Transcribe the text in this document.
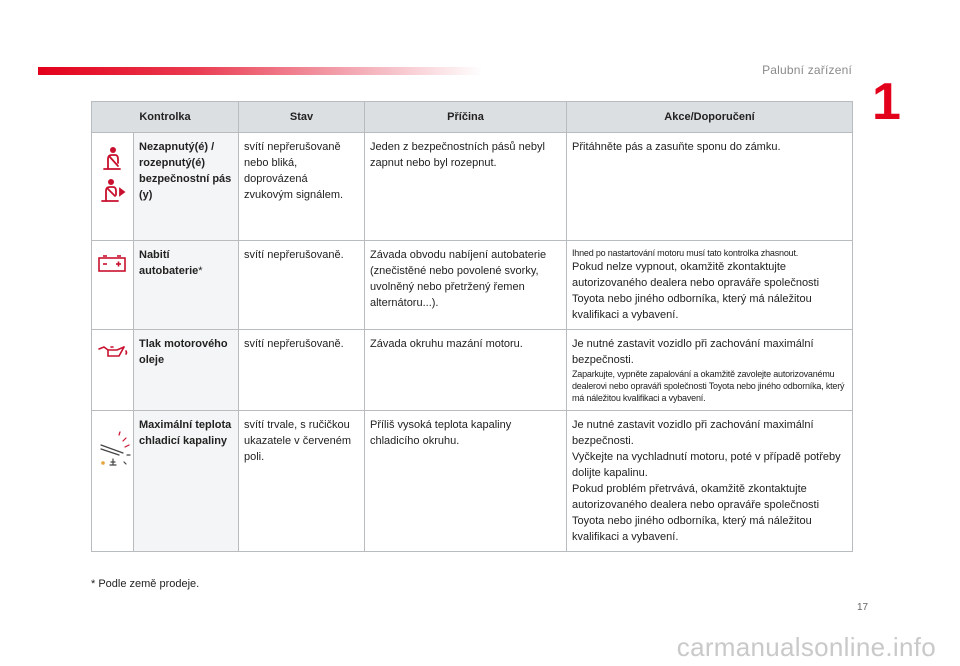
Palubní zařízení
1
Kontrolka		Stav	Příčina	Akce/Doporučení

	Nezapnutý(é) / rozepnutý(é) bezpečnostní pás (y)	svítí nepřerušovaně nebo bliká, doprovázená zvukovým signálem.	Jeden z bezpečnostních pásů nebyl zapnut nebo byl rozepnut.	Přitáhněte pás a zasuňte sponu do zámku.

	Nabití autobaterie*	svítí nepřerušovaně.	Závada obvodu nabíjení autobaterie (znečistěné nebo povolené svorky, uvolněný nebo přetržený řemen alternátoru...).	Ihned po nastartování motoru musí tato kontrolka zhasnout.
Pokud nelze vypnout, okamžitě zkontaktujte autorizovaného dealera nebo opraváře společnosti Toyota nebo jiného odborníka, který má náležitou kvalifikaci a vybavení.

	Tlak motorového oleje	svítí nepřerušovaně.	Závada okruhu mazání motoru.	Je nutné zastavit vozidlo při zachování maximální bezpečnosti.
Zaparkujte, vypněte zapalování a okamžitě zavolejte autorizovanému dealerovi nebo opraváři společnosti Toyota nebo jiného odborníka, který má náležitou kvalifikaci a vybavení.

	Maximální teplota chladicí kapaliny	svítí trvale, s ručičkou ukazatele v červeném poli.	Příliš vysoká teplota kapaliny chladicího okruhu.	Je nutné zastavit vozidlo při zachování maximální bezpečnosti.
Vyčkejte na vychladnutí motoru, poté v případě potřeby dolijte kapalinu.
Pokud problém přetrvává, okamžitě zkontaktujte autorizovaného dealera nebo opraváře společnosti Toyota nebo jiného odborníka, který má náležitou kvalifikaci a vybavení.
* Podle země prodeje.
17
carmanualsonline.info
